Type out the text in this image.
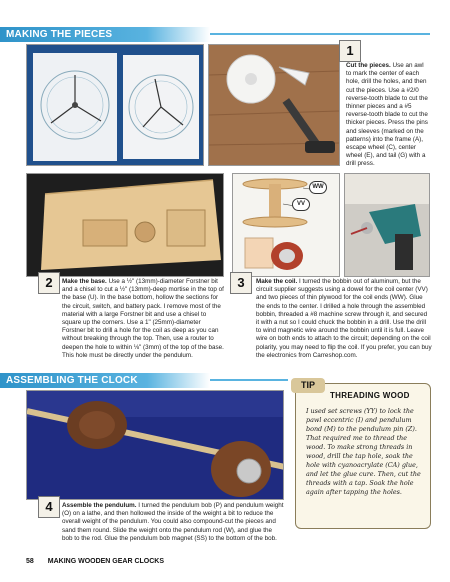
MAKING THE PIECES
1
Cut the pieces. Use an awl to mark the center of each hole, drill the holes, and then cut the pieces. Use a #2/0 reverse-tooth blade to cut the thinner pieces and a #5 reverse-tooth blade to cut the thicker pieces. Press the pins and sleeves (marked on the patterns) into the frame (A), escape wheel (C), center wheel (E), and tail (G) with a drill press.
2	Make the base. Use a ½" (13mm)-diameter Forstner bit and a chisel to cut a ½" (13mm)-deep mortise in the top of the base (U). In the base bottom, hollow the sections for the circuit, switch, and battery pack. I remove most of the material with a large Forstner bit and use a chisel to square up the corners. Use a 1" (25mm)-diameter Forstner bit to drill a hole for the coil as deep as you can without breaking through the top. Then, use a router to deepen the hole to within ⅛" (3mm) of the top of the base. This hole must be directly under the pendulum.
WW
VV
3	Make the coil. I turned the bobbin out of aluminum, but the circuit supplier suggests using a dowel for the coil center (VV) and two pieces of thin plywood for the coil ends (WW). Glue the ends to the center. I drilled a hole through the assembled bobbin, threaded a #8 machine screw through it, and secured it with a nut so I could chuck the bobbin in a drill. Use the drill to wind magnetic wire around the bobbin until it is full. Leave wire on both ends to attach to the circuit; depending on the coil polarity, you may need to flip the coil. If you prefer, you can buy the electronics from Carreshop.com.
ASSEMBLING THE CLOCK
4	Assemble the pendulum. I turned the pendulum bob (P) and pendulum weight (O) on a lathe, and then hollowed the inside of the weight a bit to reduce the overall weight of the pendulum. You could also compound-cut the pieces and sand them round. Slide the weight onto the pendulum rod (W), and glue the bob to the rod. Glue the pendulum bob magnet (SS) to the bottom of the bob.
TIP
THREADING WOOD
I used set screws (YY) to lock the pawl eccentric (I) and pendulum bond (M) to the pendulum pin (Z). That required me to thread the wood. To make strong threads in wood, drill the tap hole, soak the hole with cyanoacrylate (CA) glue, and let the glue cure. Then, cut the threads with a tap. Soak the hole again after tapping the holes.
58 MAKING WOODEN GEAR CLOCKS
